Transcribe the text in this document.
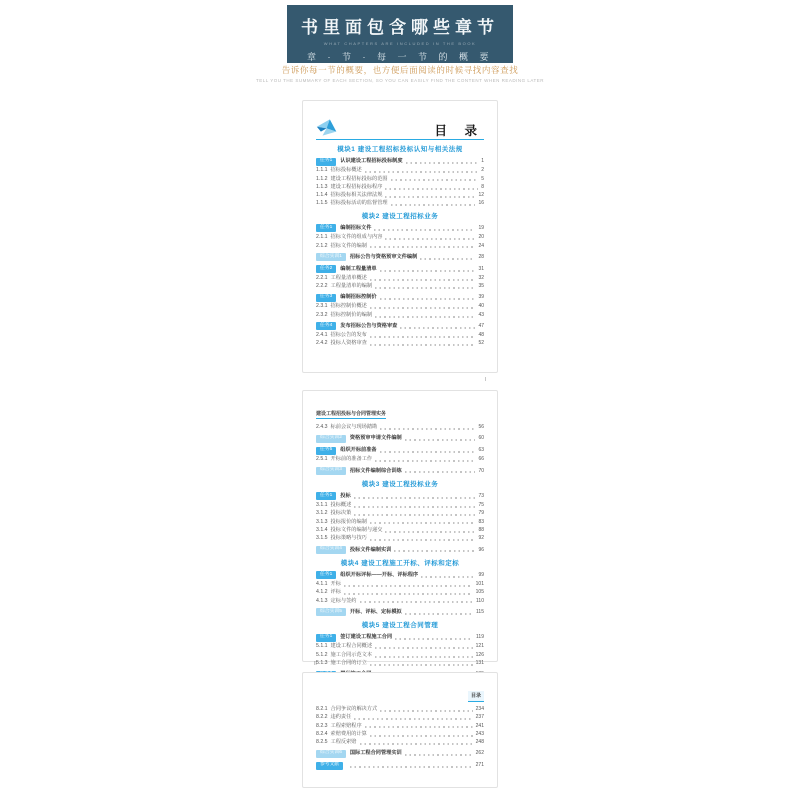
书里面包含哪些章节
WHAT CHAPTERS ARE INCLUDED IN THE BOOK
章 · 节 · 每 一 节 的 概 要
告诉你每一节的概要，也方便后面阅读的时候寻找内容查找
TELL YOU THE SUMMARY OF EACH SECTION, SO YOU CAN EASILY FIND THE CONTENT WHEN READING LATER
目 录
模块1 建设工程招标投标认知与相关法规
任务1	认识建设工程招标投标制度	1
1.1.1 招标投标概述	2
1.1.2 建设工程招标投标的范围	5
1.1.3 建设工程招标投标程序	8
1.1.4 招标投标相关法律法规	12
1.1.5 招标投标活动的监督管理	16
模块2 建设工程招标业务
任务1	编制招标文件	19
2.1.1 招标文件的组成与内容	20
2.1.2 招标文件的编制	24
综合实训1	招标公告与资格预审文件编制	28
任务2	编制工程量清单	31
2.2.1 工程量清单概述	32
2.2.2 工程量清单的编制	35
任务3	编制招标控制价	39
2.3.1 招标控制价概述	40
2.3.2 招标控制价的编制	43
任务4	发布招标公告与资格审查	47
2.4.1 招标公告的发布	48
2.4.2 投标人资格审查	52
I
建设工程招投标与合同管理实务
2.4.3 标前会议与现场踏勘	56
综合实训2	资格预审申请文件编制	60
任务5	组织开标前准备	63
2.5.1 开标前的准备工作	66
综合实训3	招标文件编制综合训练	70
模块3 建设工程投标业务
任务1	投标	73
3.1.1 投标概述	75
3.1.2 投标决策	79
3.1.3 投标报价的编制	83
3.1.4 投标文件的编制与递交	88
3.1.5 投标策略与技巧	92
综合实训4	投标文件编制实训	96
模块4 建设工程施工开标、评标和定标
任务1	组织开标评标——开标、评标程序	99
4.1.1 开标	101
4.1.2 评标	105
4.1.3 定标与签约	110
综合实训5	开标、评标、定标模拟	115
模块5 建设工程合同管理
任务1	签订建设工程施工合同	119
5.1.1 建设工程合同概述	121
5.1.2 施工合同示范文本	126
5.1.3 施工合同的订立	131
II
目录
8.2.1 合同争议的解决方式	234
8.2.2 违约责任	237
8.2.3 工程索赔程序	241
8.2.4 索赔费用的计算	243
8.2.5 工程反索赔	248
综合实训6	国际工程合同管理实训	262
参考文献	271
